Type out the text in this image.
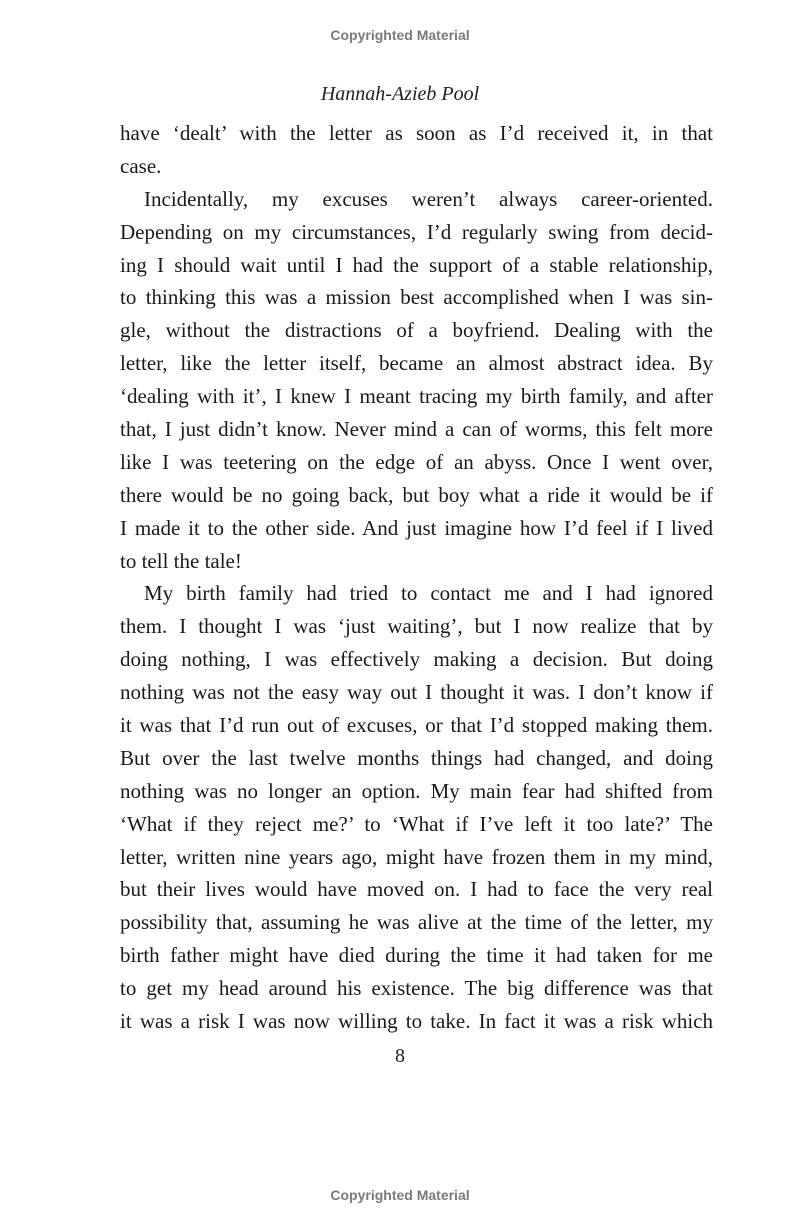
Copyrighted Material
Hannah-Azieb Pool
have ‘dealt’ with the letter as soon as I’d received it, in that
case.
Incidentally, my excuses weren’t always career-oriented.
Depending on my circumstances, I’d regularly swing from decid-
ing I should wait until I had the support of a stable relationship,
to thinking this was a mission best accomplished when I was sin-
gle, without the distractions of a boyfriend. Dealing with the
letter, like the letter itself, became an almost abstract idea. By
‘dealing with it’, I knew I meant tracing my birth family, and after
that, I just didn’t know. Never mind a can of worms, this felt more
like I was teetering on the edge of an abyss. Once I went over,
there would be no going back, but boy what a ride it would be if
I made it to the other side. And just imagine how I’d feel if I lived
to tell the tale!
My birth family had tried to contact me and I had ignored
them. I thought I was ‘just waiting’, but I now realize that by
doing nothing, I was effectively making a decision. But doing
nothing was not the easy way out I thought it was. I don’t know if
it was that I’d run out of excuses, or that I’d stopped making them.
But over the last twelve months things had changed, and doing
nothing was no longer an option. My main fear had shifted from
‘What if they reject me?’ to ‘What if I’ve left it too late?’ The
letter, written nine years ago, might have frozen them in my mind,
but their lives would have moved on. I had to face the very real
possibility that, assuming he was alive at the time of the letter, my
birth father might have died during the time it had taken for me
to get my head around his existence. The big difference was that
it was a risk I was now willing to take. In fact it was a risk which
8
Copyrighted Material
